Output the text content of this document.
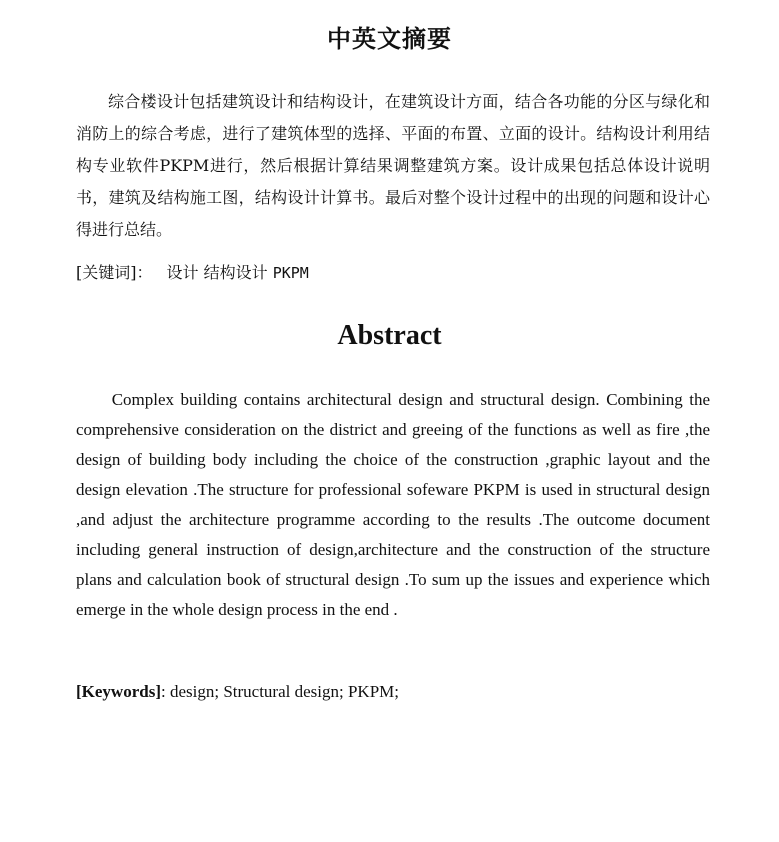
中英文摘要

综合楼设计包括建筑设计和结构设计，在建筑设计方面，结合各功能的分区与绿化和消防上的综合考虑，进行了建筑体型的选择、平面的布置、立面的设计。结构设计利用结构专业软件PKPM进行，然后根据计算结果调整建筑方案。设计成果包括总体设计说明书，建筑及结构施工图，结构设计计算书。最后对整个设计过程中的出现的问题和设计心得进行总结。

[关键词]： 设计 结构设计 PKPM
Abstract

Complex building contains architectural design and structural design. Combining the comprehensive consideration on the district and greeing of the functions as well as fire ,the design of building body including the choice of the construction ,graphic layout and the design elevation .The structure for professional sofeware PKPM is used in structural design ,and adjust the architecture programme according to the results .The outcome document including general instruction of design,architecture and the construction of the structure plans and calculation book of structural design .To sum up the issues and experience which emerge in the whole design process in the end .

[Keywords]: design; Structural design; PKPM;
